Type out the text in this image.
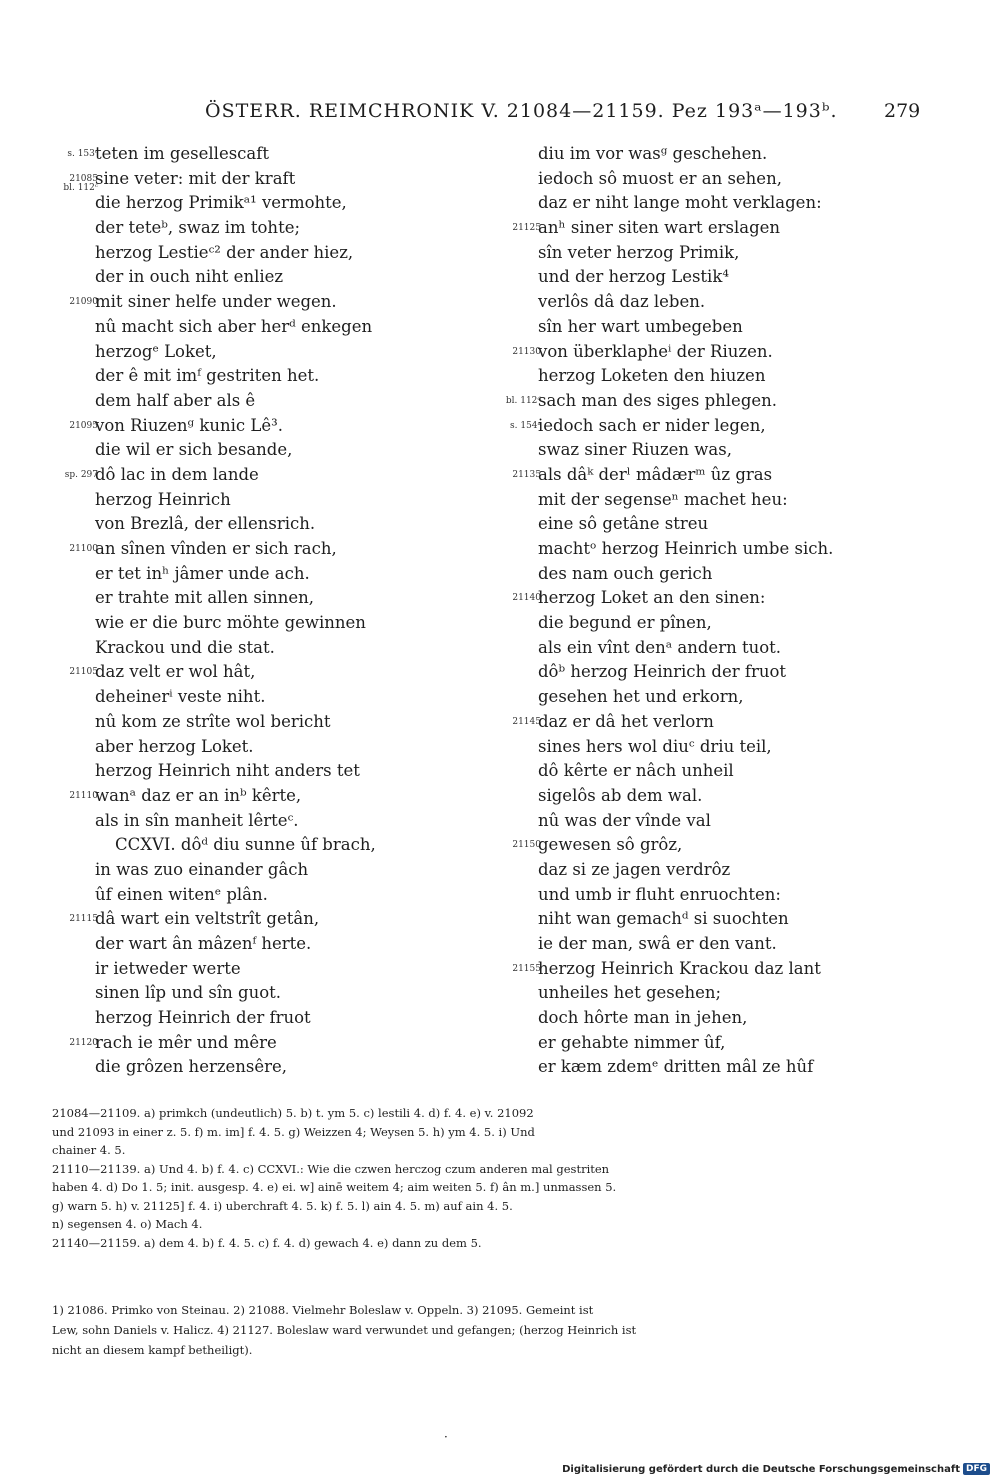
ÖSTERR. REIMCHRONIK V. 21084—21159. Pez 193ᵃ—193ᵇ. 279
s. 153ᶜ
teten im gesellescaft
21085
bl. 112ᶜ
sine veter: mit der kraft
die herzog Primikᵃ¹ vermohte,
der teteᵇ, swaz im tohte;
herzog Lestieᶜ² der ander hiez,
der in ouch niht enliez
21090
mit siner helfe under wegen.
nû macht sich aber herᵈ enkegen
herzogᵉ Loket,
der ê mit imᶠ gestriten het.
dem half aber als ê
21095
von Riuzenᵍ kunic Lê³.
die wil er sich besande,
sp. 297
dô lac in dem lande
herzog Heinrich
von Brezlâ, der ellensrich.
21100
an sînen vînden er sich rach,
er tet inʰ jâmer unde ach.
er trahte mit allen sinnen,
wie er die burc möhte gewinnen
Krackou und die stat.
21105
daz velt er wol hât,
deheinerⁱ veste niht.
nû kom ze strîte wol bericht
aber herzog Loket.
herzog Heinrich niht anders tet
21110
wanᵃ daz er an inᵇ kêrte,
als in sîn manheit lêrteᶜ.
CCXVI. dôᵈ diu sunne ûf brach,
in was zuo einander gâch
ûf einen witenᵉ plân.
21115
dâ wart ein veltstrît getân,
der wart ân mâzenᶠ herte.
ir ietweder werte
sinen lîp und sîn guot.
herzog Heinrich der fruot
21120
rach ie mêr und mêre
die grôzen herzensêre,
diu im vor wasᵍ geschehen.
iedoch sô muost er an sehen,
daz er niht lange moht verklagen:
21125
anʰ siner siten wart erslagen
sîn veter herzog Primik,
und der herzog Lestik⁴
verlôs dâ daz leben.
sîn her wart umbegeben
21130
von überklapheⁱ der Riuzen.
herzog Loketen den hiuzen
bl. 112ᵈ
sach man des siges phlegen.
s. 154ᵃ
iedoch sach er nider legen,
swaz siner Riuzen was,
21135
als dâᵏ derˡ mâdærᵐ ûz gras
mit der segenseⁿ machet heu:
eine sô getâne streu
machtᵒ herzog Heinrich umbe sich.
des nam ouch gerich
21140
herzog Loket an den sinen:
die begund er pînen,
als ein vînt denᵃ andern tuot.
dôᵇ herzog Heinrich der fruot
gesehen het und erkorn,
21145
daz er dâ het verlorn
sines hers wol diuᶜ driu teil,
dô kêrte er nâch unheil
sigelôs ab dem wal.
nû was der vînde val
21150
gewesen sô grôz,
daz si ze jagen verdrôz
und umb ir fluht enruochten:
niht wan gemachᵈ si suochten
ie der man, swâ er den vant.
21155
herzog Heinrich Krackou daz lant
unheiles het gesehen;
doch hôrte man in jehen,
er gehabte nimmer ûf,
er kæm zdemᵉ dritten mâl ze hûf
21084—21109. a) primkch (undeutlich) 5. b) t. ym 5. c) lestili 4. d) f. 4. e) v. 21092
und 21093 in einer z. 5. f) m. im] f. 4. 5. g) Weizzen 4; Weysen 5. h) ym 4. 5. i) Und
chainer 4. 5.
21110—21139. a) Und 4. b) f. 4. c) CCXVI.: Wie die czwen herczog czum anderen mal gestriten
haben 4. d) Do 1. 5; init. ausgesp. 4. e) ei. w] ainē weitem 4; aim weiten 5. f) ân m.] unmassen 5.
g) warn 5. h) v. 21125] f. 4. i) uberchraft 4. 5. k) f. 5. l) ain 4. 5. m) auf ain 4. 5.
n) segensen 4. o) Mach 4.
21140—21159. a) dem 4. b) f. 4. 5. c) f. 4. d) gewach 4. e) dann zu dem 5.
1) 21086. Primko von Steinau. 2) 21088. Vielmehr Boleslaw v. Oppeln. 3) 21095. Gemeint ist
Lew, sohn Daniels v. Halicz. 4) 21127. Boleslaw ward verwundet und gefangen; (herzog Heinrich ist
nicht an diesem kampf betheiligt).
·
Digitalisierung gefördert durch die Deutsche Forschungsgemeinschaft DFG
